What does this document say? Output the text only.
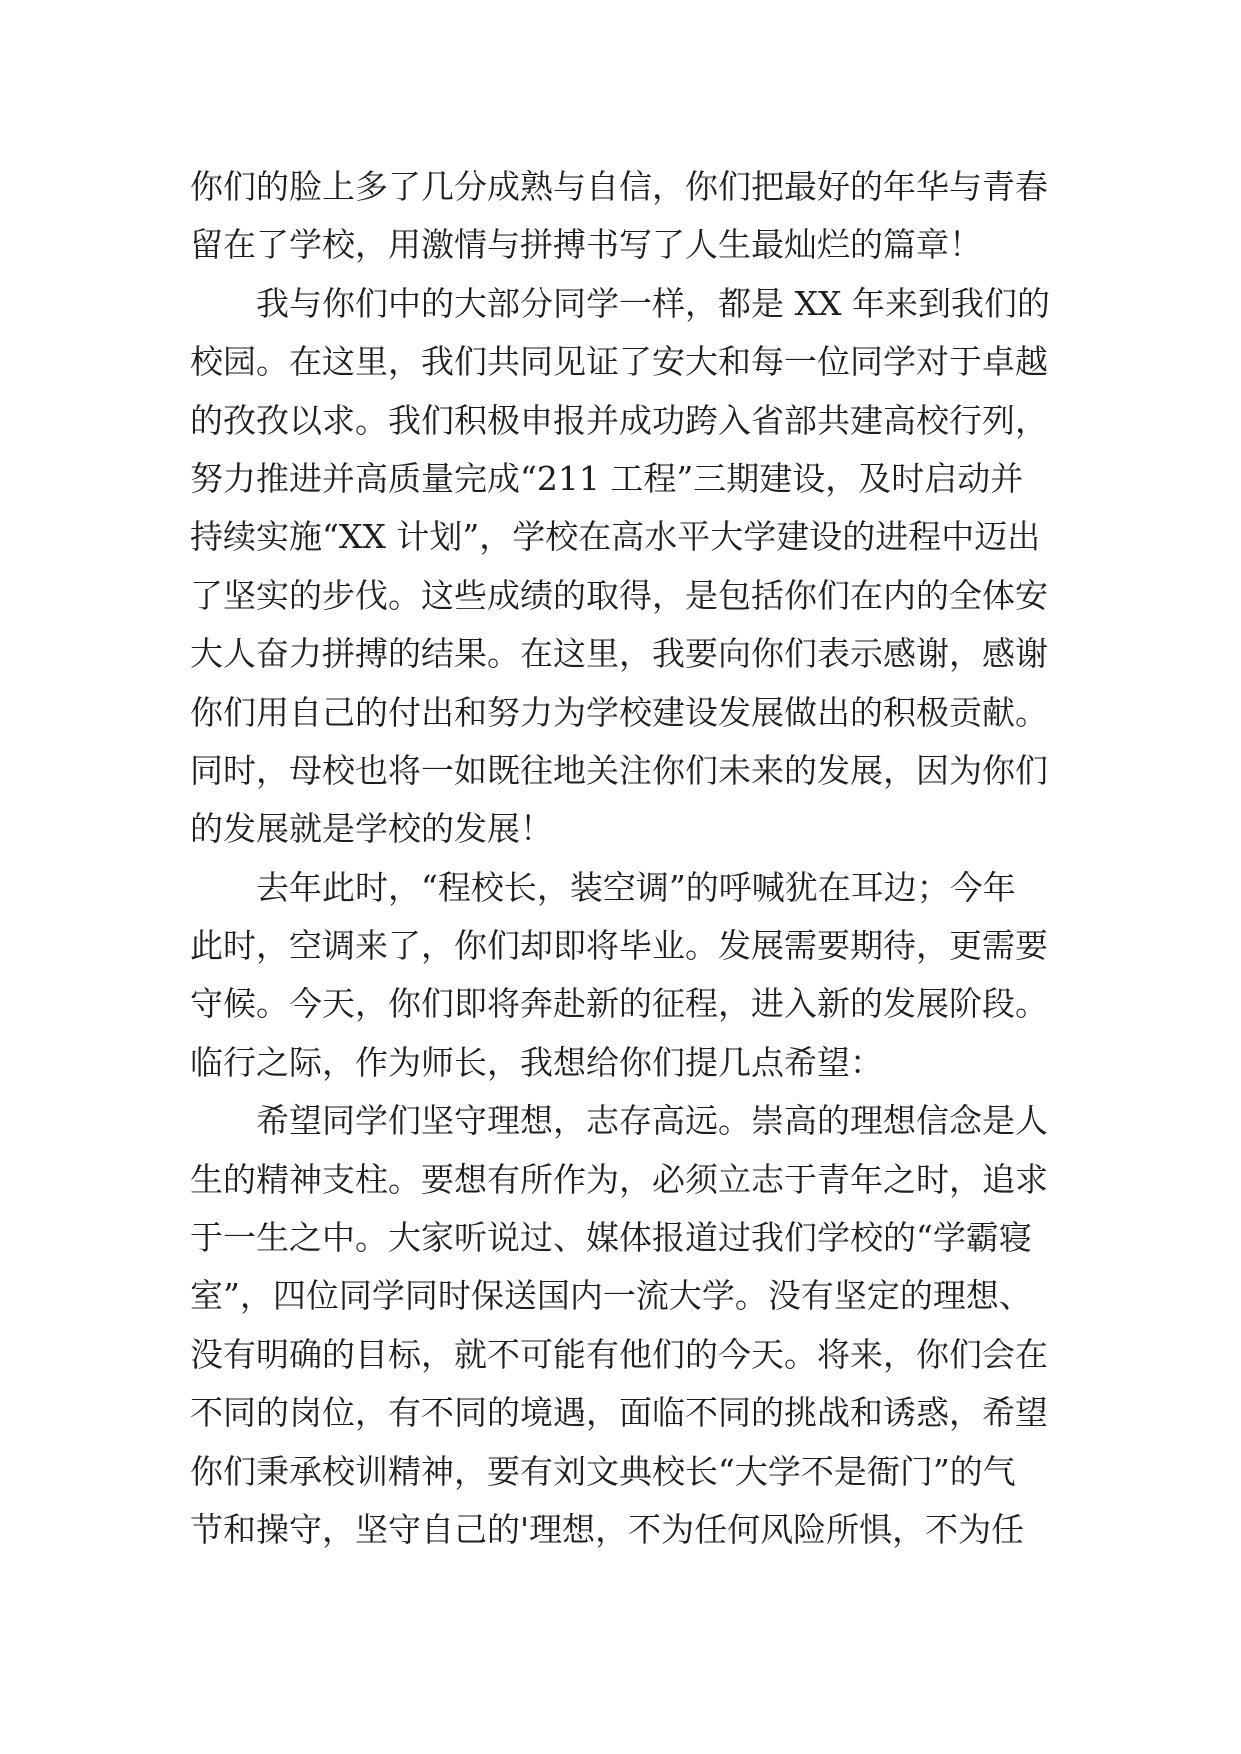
你们的脸上多了几分成熟与自信，你们把最好的年华与青春
留在了学校，用激情与拼搏书写了人生最灿烂的篇章！
我与你们中的大部分同学一样，都是 XX 年来到我们的
校园。在这里，我们共同见证了安大和每一位同学对于卓越
的孜孜以求。我们积极申报并成功跨入省部共建高校行列，
努力推进并高质量完成“211 工程”三期建设，及时启动并
持续实施“XX 计划”，学校在高水平大学建设的进程中迈出
了坚实的步伐。这些成绩的取得，是包括你们在内的全体安
大人奋力拼搏的结果。在这里，我要向你们表示感谢，感谢
你们用自己的付出和努力为学校建设发展做出的积极贡献。
同时，母校也将一如既往地关注你们未来的发展，因为你们
的发展就是学校的发展！
去年此时，“程校长，装空调”的呼喊犹在耳边；今年
此时，空调来了，你们却即将毕业。发展需要期待，更需要
守候。今天，你们即将奔赴新的征程，进入新的发展阶段。
临行之际，作为师长，我想给你们提几点希望：
希望同学们坚守理想，志存高远。崇高的理想信念是人
生的精神支柱。要想有所作为，必须立志于青年之时，追求
于一生之中。大家听说过、媒体报道过我们学校的“学霸寝
室”，四位同学同时保送国内一流大学。没有坚定的理想、
没有明确的目标，就不可能有他们的今天。将来，你们会在
不同的岗位，有不同的境遇，面临不同的挑战和诱惑，希望
你们秉承校训精神，要有刘文典校长“大学不是衙门”的气
节和操守，坚守自己的'理想，不为任何风险所惧，不为任
